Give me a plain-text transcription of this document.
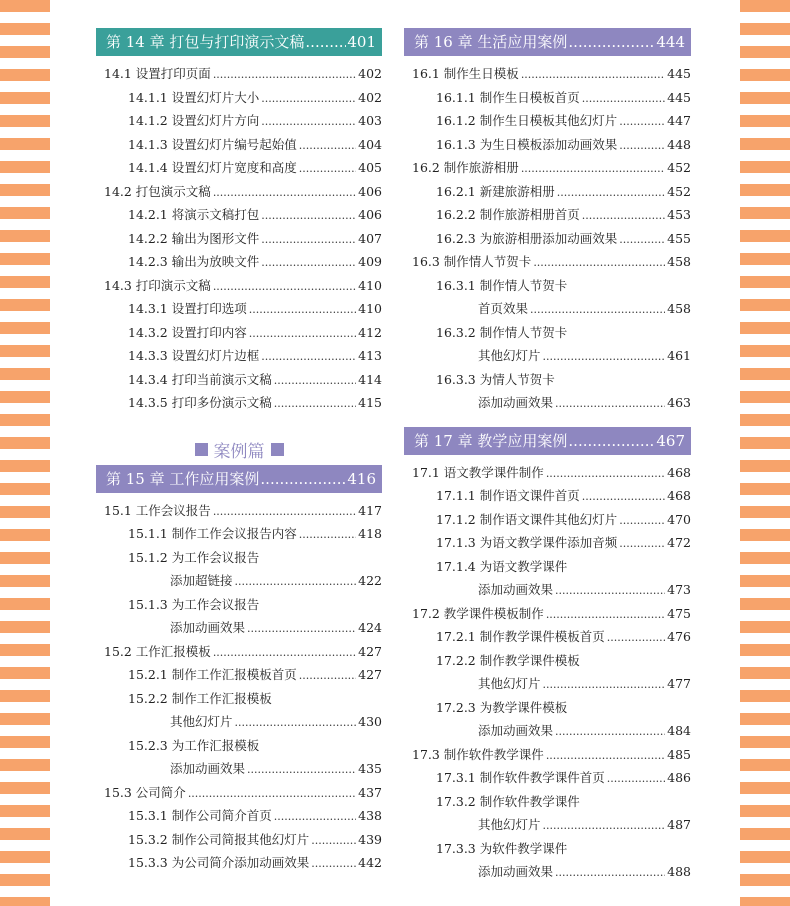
第 14 章 打包与打印演示文稿 .....	401
14.1 设置打印页面 .....	402
14.1.1 设置幻灯片大小 .....	402
14.1.2 设置幻灯片方向 .....	403
14.1.3 设置幻灯片编号起始值 .....	404
14.1.4 设置幻灯片宽度和高度 .....	405
14.2 打包演示文稿 .....	406
14.2.1 将演示文稿打包 .....	406
14.2.2 输出为图形文件 .....	407
14.2.3 输出为放映文件 .....	409
14.3 打印演示文稿 .....	410
14.3.1 设置打印选项 .....	410
14.3.2 设置打印内容 .....	412
14.3.3 设置幻灯片边框 .....	413
14.3.4 打印当前演示文稿 .....	414
14.3.5 打印多份演示文稿 .....	415
案例篇
第 15 章 工作应用案例 .....	416
15.1 工作会议报告 .....	417
15.1.1 制作工作会议报告内容 .....	418
15.1.2 为工作会议报告
添加超链接 .....	422
15.1.3 为工作会议报告
添加动画效果 .....	424
15.2 工作汇报模板 .....	427
15.2.1 制作工作汇报模板首页 .....	427
15.2.2 制作工作汇报模板
其他幻灯片 .....	430
15.2.3 为工作汇报模板
添加动画效果 .....	435
15.3 公司简介 .....	437
15.3.1 制作公司简介首页 .....	438
15.3.2 制作公司简报其他幻灯片 .....	439
15.3.3 为公司简介添加动画效果 .....	442
第 16 章 生活应用案例 .....	444
16.1 制作生日模板 .....	445
16.1.1 制作生日模板首页 .....	445
16.1.2 制作生日模板其他幻灯片 .....	447
16.1.3 为生日模板添加动画效果 .....	448
16.2 制作旅游相册 .....	452
16.2.1 新建旅游相册 .....	452
16.2.2 制作旅游相册首页 .....	453
16.2.3 为旅游相册添加动画效果 .....	455
16.3 制作情人节贺卡 .....	458
16.3.1 制作情人节贺卡
首页效果 .....	458
16.3.2 制作情人节贺卡
其他幻灯片 .....	461
16.3.3 为情人节贺卡
添加动画效果 .....	463
第 17 章 教学应用案例 .....	467
17.1 语文教学课件制作 .....	468
17.1.1 制作语文课件首页 .....	468
17.1.2 制作语文课件其他幻灯片 .....	470
17.1.3 为语文教学课件添加音频 .....	472
17.1.4 为语文教学课件
添加动画效果 .....	473
17.2 教学课件模板制作 .....	475
17.2.1 制作教学课件模板首页 .....	476
17.2.2 制作教学课件模板
其他幻灯片 .....	477
17.2.3 为教学课件模板
添加动画效果 .....	484
17.3 制作软件教学课件 .....	485
17.3.1 制作软件教学课件首页 .....	486
17.3.2 制作软件教学课件
其他幻灯片 .....	487
17.3.3 为软件教学课件
添加动画效果 .....	488
